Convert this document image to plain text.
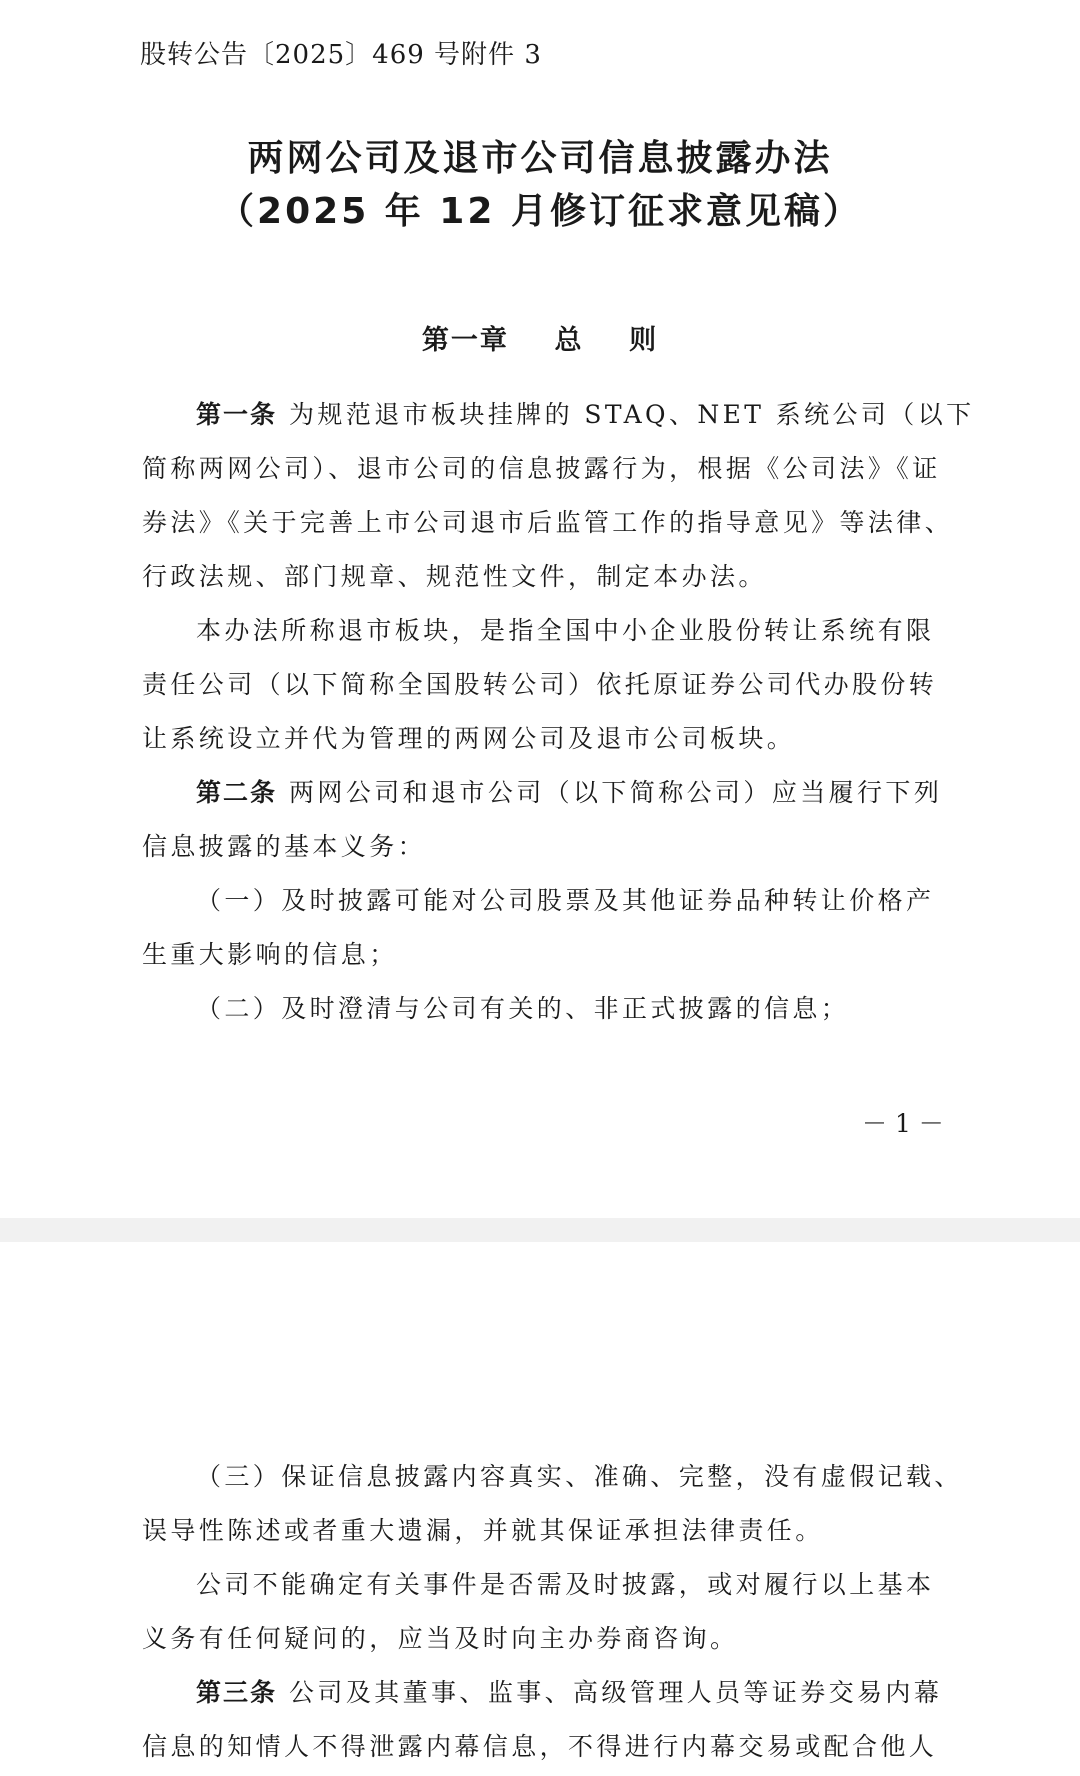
股转公告〔2025〕469 号附件 3
两网公司及退市公司信息披露办法
（2025 年 12 月修订征求意见稿）
第一章    总    则
第一条 为规范退市板块挂牌的 STAQ、NET 系统公司（以下
简称两网公司）、退市公司的信息披露行为，根据《公司法》《证
券法》《关于完善上市公司退市后监管工作的指导意见》等法律、
行政法规、部门规章、规范性文件，制定本办法。
本办法所称退市板块，是指全国中小企业股份转让系统有限
责任公司（以下简称全国股转公司）依托原证券公司代办股份转
让系统设立并代为管理的两网公司及退市公司板块。
第二条 两网公司和退市公司（以下简称公司）应当履行下列
信息披露的基本义务：
（一）及时披露可能对公司股票及其他证券品种转让价格产
生重大影响的信息；
（二）及时澄清与公司有关的、非正式披露的信息；
－ 1 －
（三）保证信息披露内容真实、准确、完整，没有虚假记载、
误导性陈述或者重大遗漏，并就其保证承担法律责任。
公司不能确定有关事件是否需及时披露，或对履行以上基本
义务有任何疑问的，应当及时向主办券商咨询。
第三条 公司及其董事、监事、高级管理人员等证券交易内幕
信息的知情人不得泄露内幕信息，不得进行内幕交易或配合他人
